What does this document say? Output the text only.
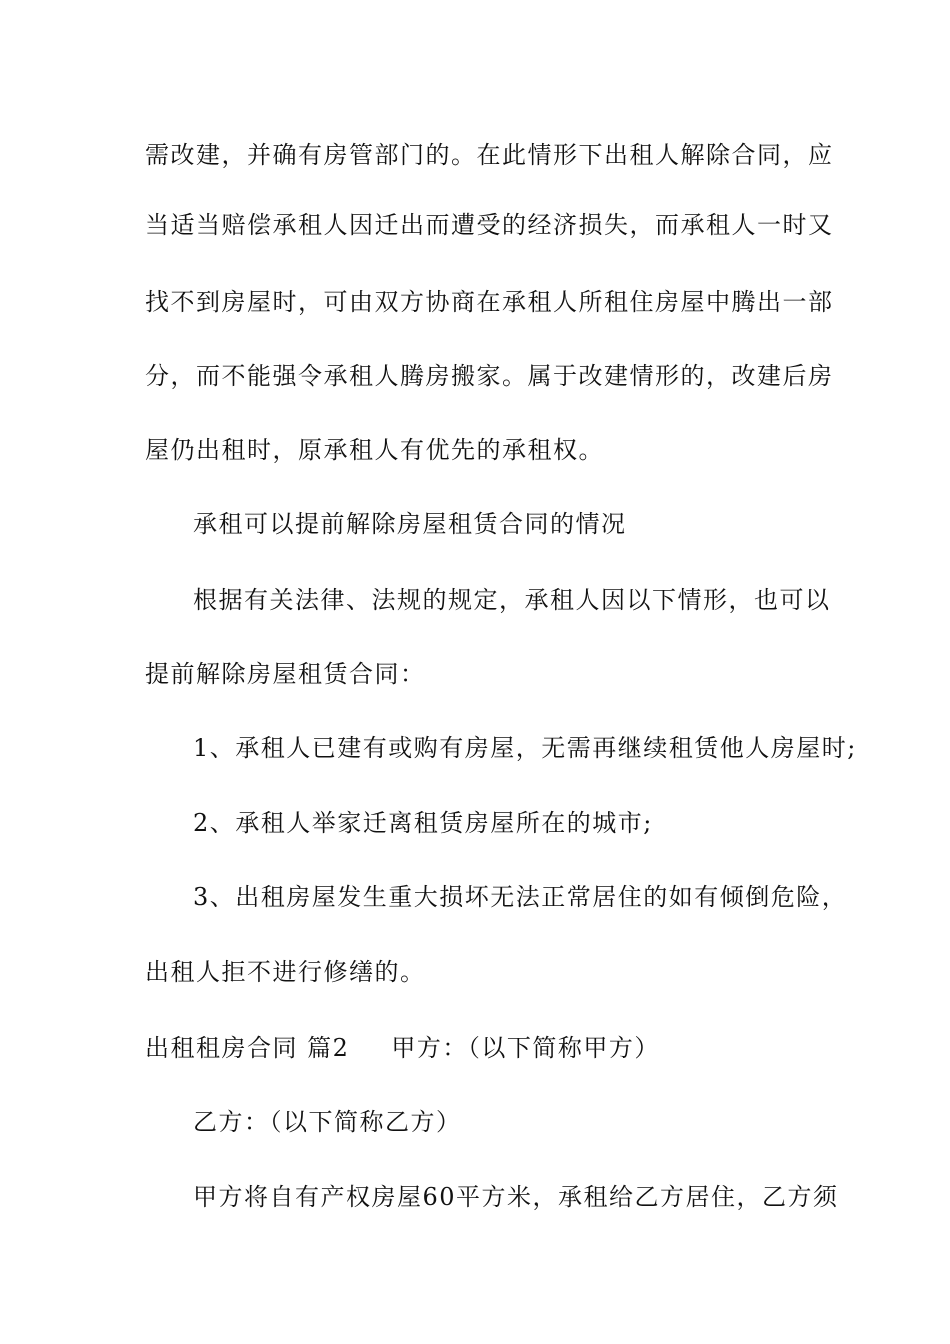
需改建，并确有房管部门的。在此情形下出租人解除合同，应
当适当赔偿承租人因迁出而遭受的经济损失，而承租人一时又
找不到房屋时，可由双方协商在承租人所租住房屋中腾出一部
分，而不能强令承租人腾房搬家。属于改建情形的，改建后房
屋仍出租时，原承租人有优先的承租权。
承租可以提前解除房屋租赁合同的情况
根据有关法律、法规的规定，承租人因以下情形，也可以
提前解除房屋租赁合同：
1、承租人已建有或购有房屋，无需再继续租赁他人房屋时;
2、承租人举家迁离租赁房屋所在的城市;
3、出租房屋发生重大损坏无法正常居住的如有倾倒危险，
出租人拒不进行修缮的。
出租租房合同 篇2 甲方：（以下简称甲方）
乙方：（以下简称乙方）
甲方将自有产权房屋60平方米，承租给乙方居住，乙方须
